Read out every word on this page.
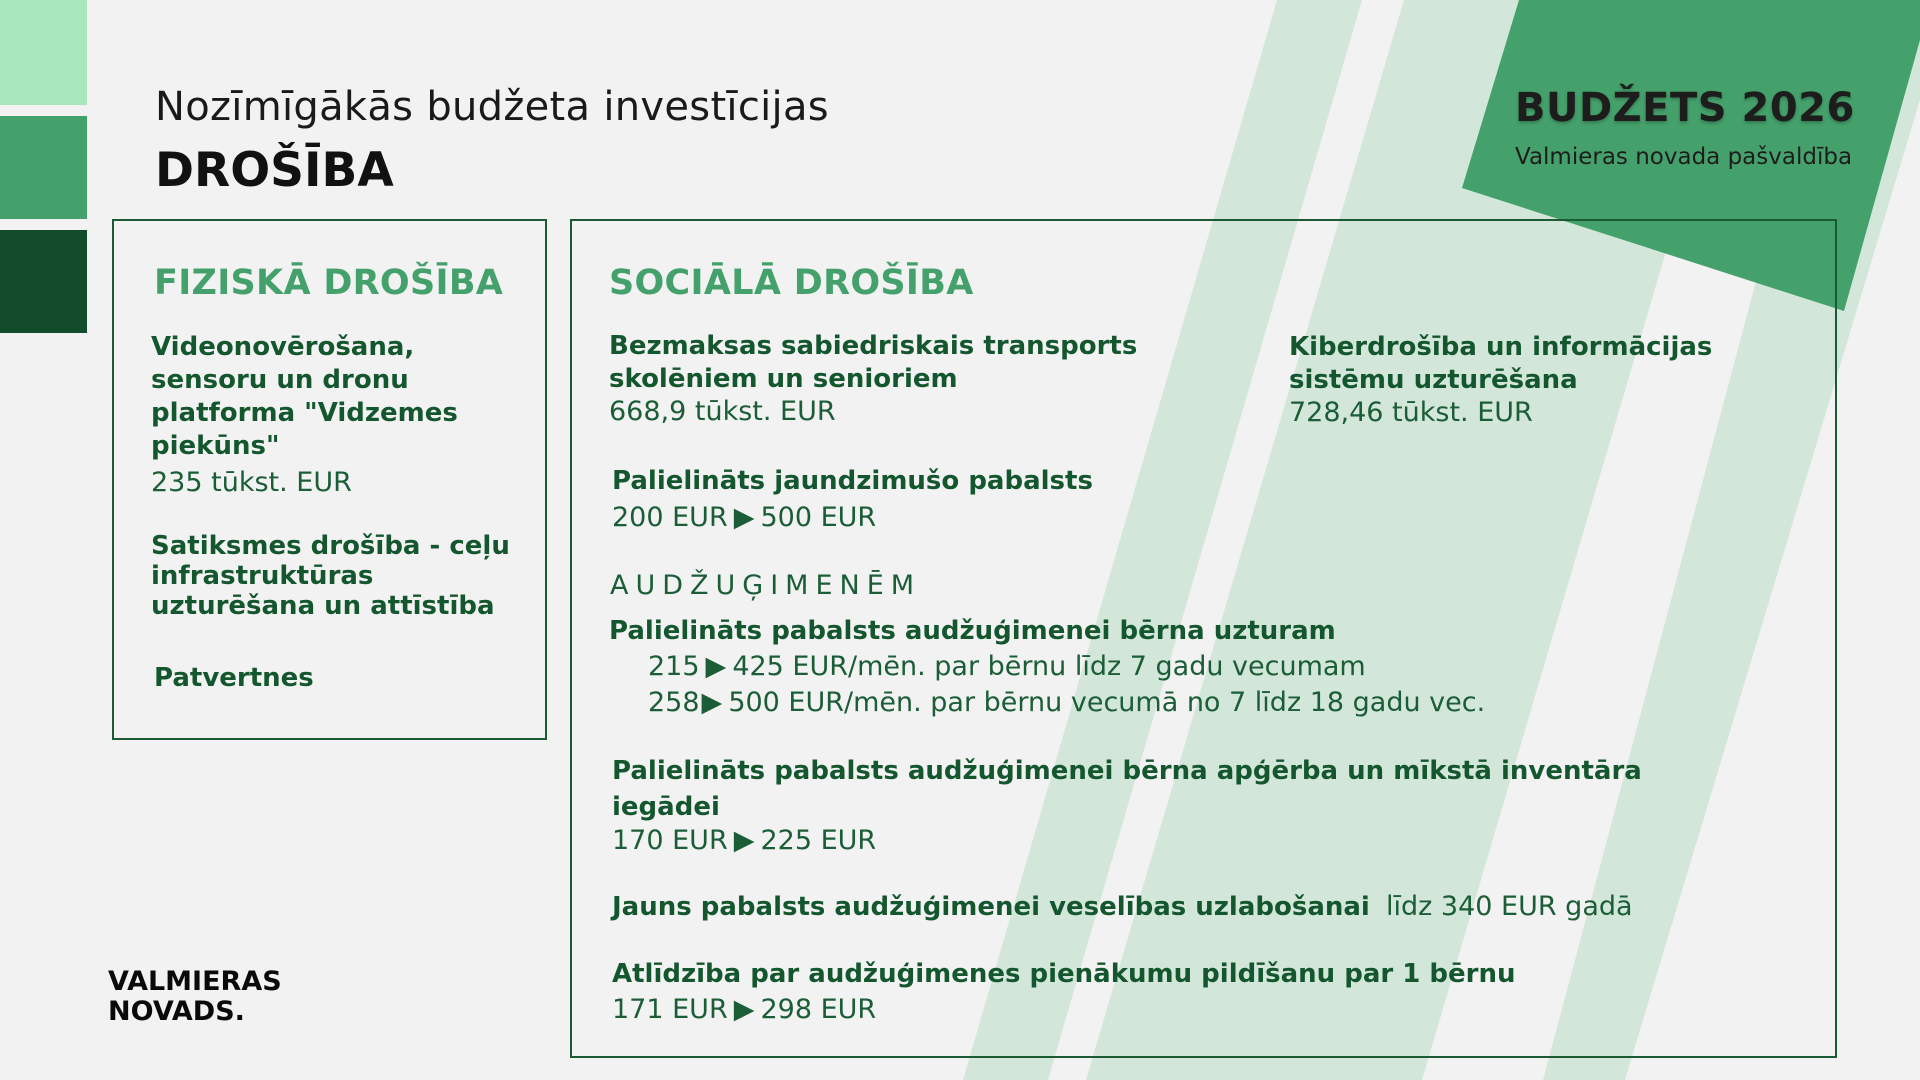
BUDŽETS 2026
Valmieras novada pašvaldība
Nozīmīgākās budžeta investīcijas
DROŠĪBA
FIZISKĀ DROŠĪBA
Videonovērošana, sensoru un dronu platforma "Vidzemes piekūns"
235 tūkst. EUR
Satiksmes drošība - ceļu infrastruktūras uzturēšana un attīstība
Patvertnes
SOCIĀLĀ DROŠĪBA
Bezmaksas sabiedriskais transports skolēniem un senioriem
668,9 tūkst. EUR
Kiberdrošība un informācijas sistēmu uzturēšana
728,46 tūkst. EUR
Palielināts jaundzimušo pabalsts
200 EUR ▶ 500 EUR
AUDŽUĢIMENĒM
Palielināts pabalsts audžuģimenei bērna uzturam
215 ▶ 425 EUR/mēn. par bērnu līdz 7 gadu vecumam
258▶ 500 EUR/mēn. par bērnu vecumā no 7 līdz 18 gadu vec.
Palielināts pabalsts audžuģimenei bērna apģērba un mīkstā inventāra iegādei
170 EUR ▶ 225 EUR
Jauns pabalsts audžuģimenei veselības uzlabošanai līdz 340 EUR gadā
Atlīdzība par audžuģimenes pienākumu pildīšanu par 1 bērnu
171 EUR ▶ 298 EUR
VALMIERAS
NOVADS.
